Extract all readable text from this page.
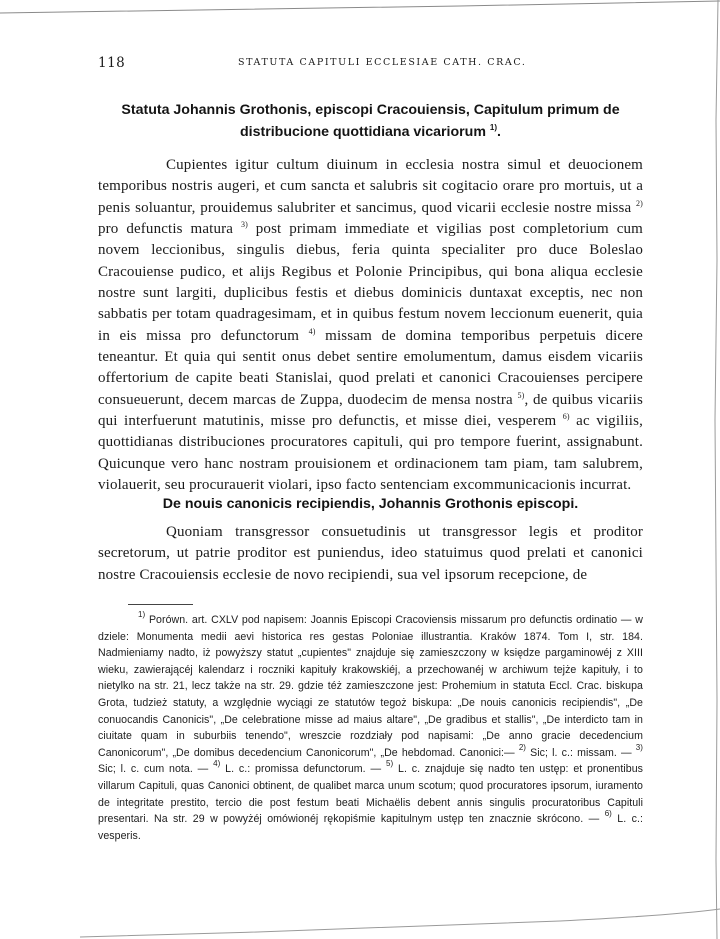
118	STATUTA CAPITULI ECCLESIAE CATH. CRAC.
Statuta Johannis Grothonis, episcopi Cracouiensis, Capitulum primum de distribucione quottidiana vicariorum $^{1)}$.

Cupientes igitur cultum diuinum in ecclesia nostra simul et deuocionem temporibus nostris augeri, et cum sancta et salubris sit cogitacio orare pro mortuis, ut a penis soluantur, prouidemus salubriter et sancimus, quod vicarii ecclesie nostre missa $^{2)}$ pro defunctis matura $^{3)}$ post primam immediate et vigilias post completorium cum novem leccionibus, singulis diebus, feria quinta specialiter pro duce Boleslao Cracouiense pudico, et alijs Regibus et Polonie Principibus, qui bona aliqua ecclesie nostre sunt largiti, duplicibus festis et diebus dominicis duntaxat exceptis, nec non sabbatis per totam quadragesimam, et in quibus festum novem leccionum euenerit, quia in eis missa pro defunctorum $^{4)}$ missam de domina temporibus perpetuis dicere teneantur. Et quia qui sentit onus debet sentire emolumentum, damus eisdem vicariis offertorium de capite beati Stanislai, quod prelati et canonici Cracouienses percipere consueuerunt, decem marcas de Zuppa, duodecim de mensa nostra $^{5)}$, de quibus vicariis qui interfuerunt matutinis, misse pro defunctis, et misse diei, vesperem $^{6)}$ ac vigiliis, quottidianas distribuciones procuratores capituli, qui pro tempore fuerint, assignabunt. Quicunque vero hanc nostram prouisionem et ordinacionem tam piam, tam salubrem, violauerit, seu procurauerit violari, ipso facto sentenciam excommunicacionis incurrat.

De nouis canonicis recipiendis, Johannis Grothonis episcopi.

Quoniam transgressor consuetudinis ut transgressor legis et proditor secretorum, ut patrie proditor est puniendus, ideo statuimus quod prelati et canonici nostre Cracouiensis ecclesie de novo recipiendi, sua vel ipsorum recepcione, de

$^{1)}$ Porówn. art. CXLV pod napisem: Joannis Episcopi Cracoviensis missarum pro defunctis ordinatio — w dziele: Monumenta medii aevi historica res gestas Poloniae illustrantia. Kraków 1874. Tom I, str. 184. Nadmieniamy nadto, iż powyższy statut „cupientes" znajduje się zamieszczony w księdze pargaminowéj z XIII wieku, zawierającéj kalendarz i roczniki kapituły krakowskiéj, a przechowanéj w archiwum tejże kapituły, i to nietylko na str. 21, lecz także na str. 29. gdzie téż zamieszczone jest: Prohemium in statuta Eccl. Crac. biskupa Grota, tudzież statuty, a względnie wyciągi ze statutów tegoż biskupa: „De nouis canonicis recipiendis", „De conuocandis Canonicis", „De celebratione misse ad maius altare", „De gradibus et stallis", „De interdicto tam in ciuitate quam in suburbiis tenendo", wreszcie rozdziały pod napisami: „De anno gracie decedencium Canonicorum", „De domibus decedencium Canonicorum", „De hebdomad. Canonici:— $^{2)}$ Sic; l. c.: missam. — $^{3)}$ Sic; l. c. cum nota. — $^{4)}$ L. c.: promissa defunctorum. — $^{5)}$ L. c. znajduje się nadto ten ustęp: et pronentibus villarum Capituli, quas Canonici obtinent, de qualibet marca unum scotum; quod procuratores ipsorum, iuramento de integritate prestito, tercio die post festum beati Michaëlis debent annis singulis procuratoribus Capituli presentari. Na str. 29 w powyżéj omówionéj rękopiśmie kapitulnym ustęp ten znacznie skrócono. — $^{6)}$ L. c.: vesperis.
